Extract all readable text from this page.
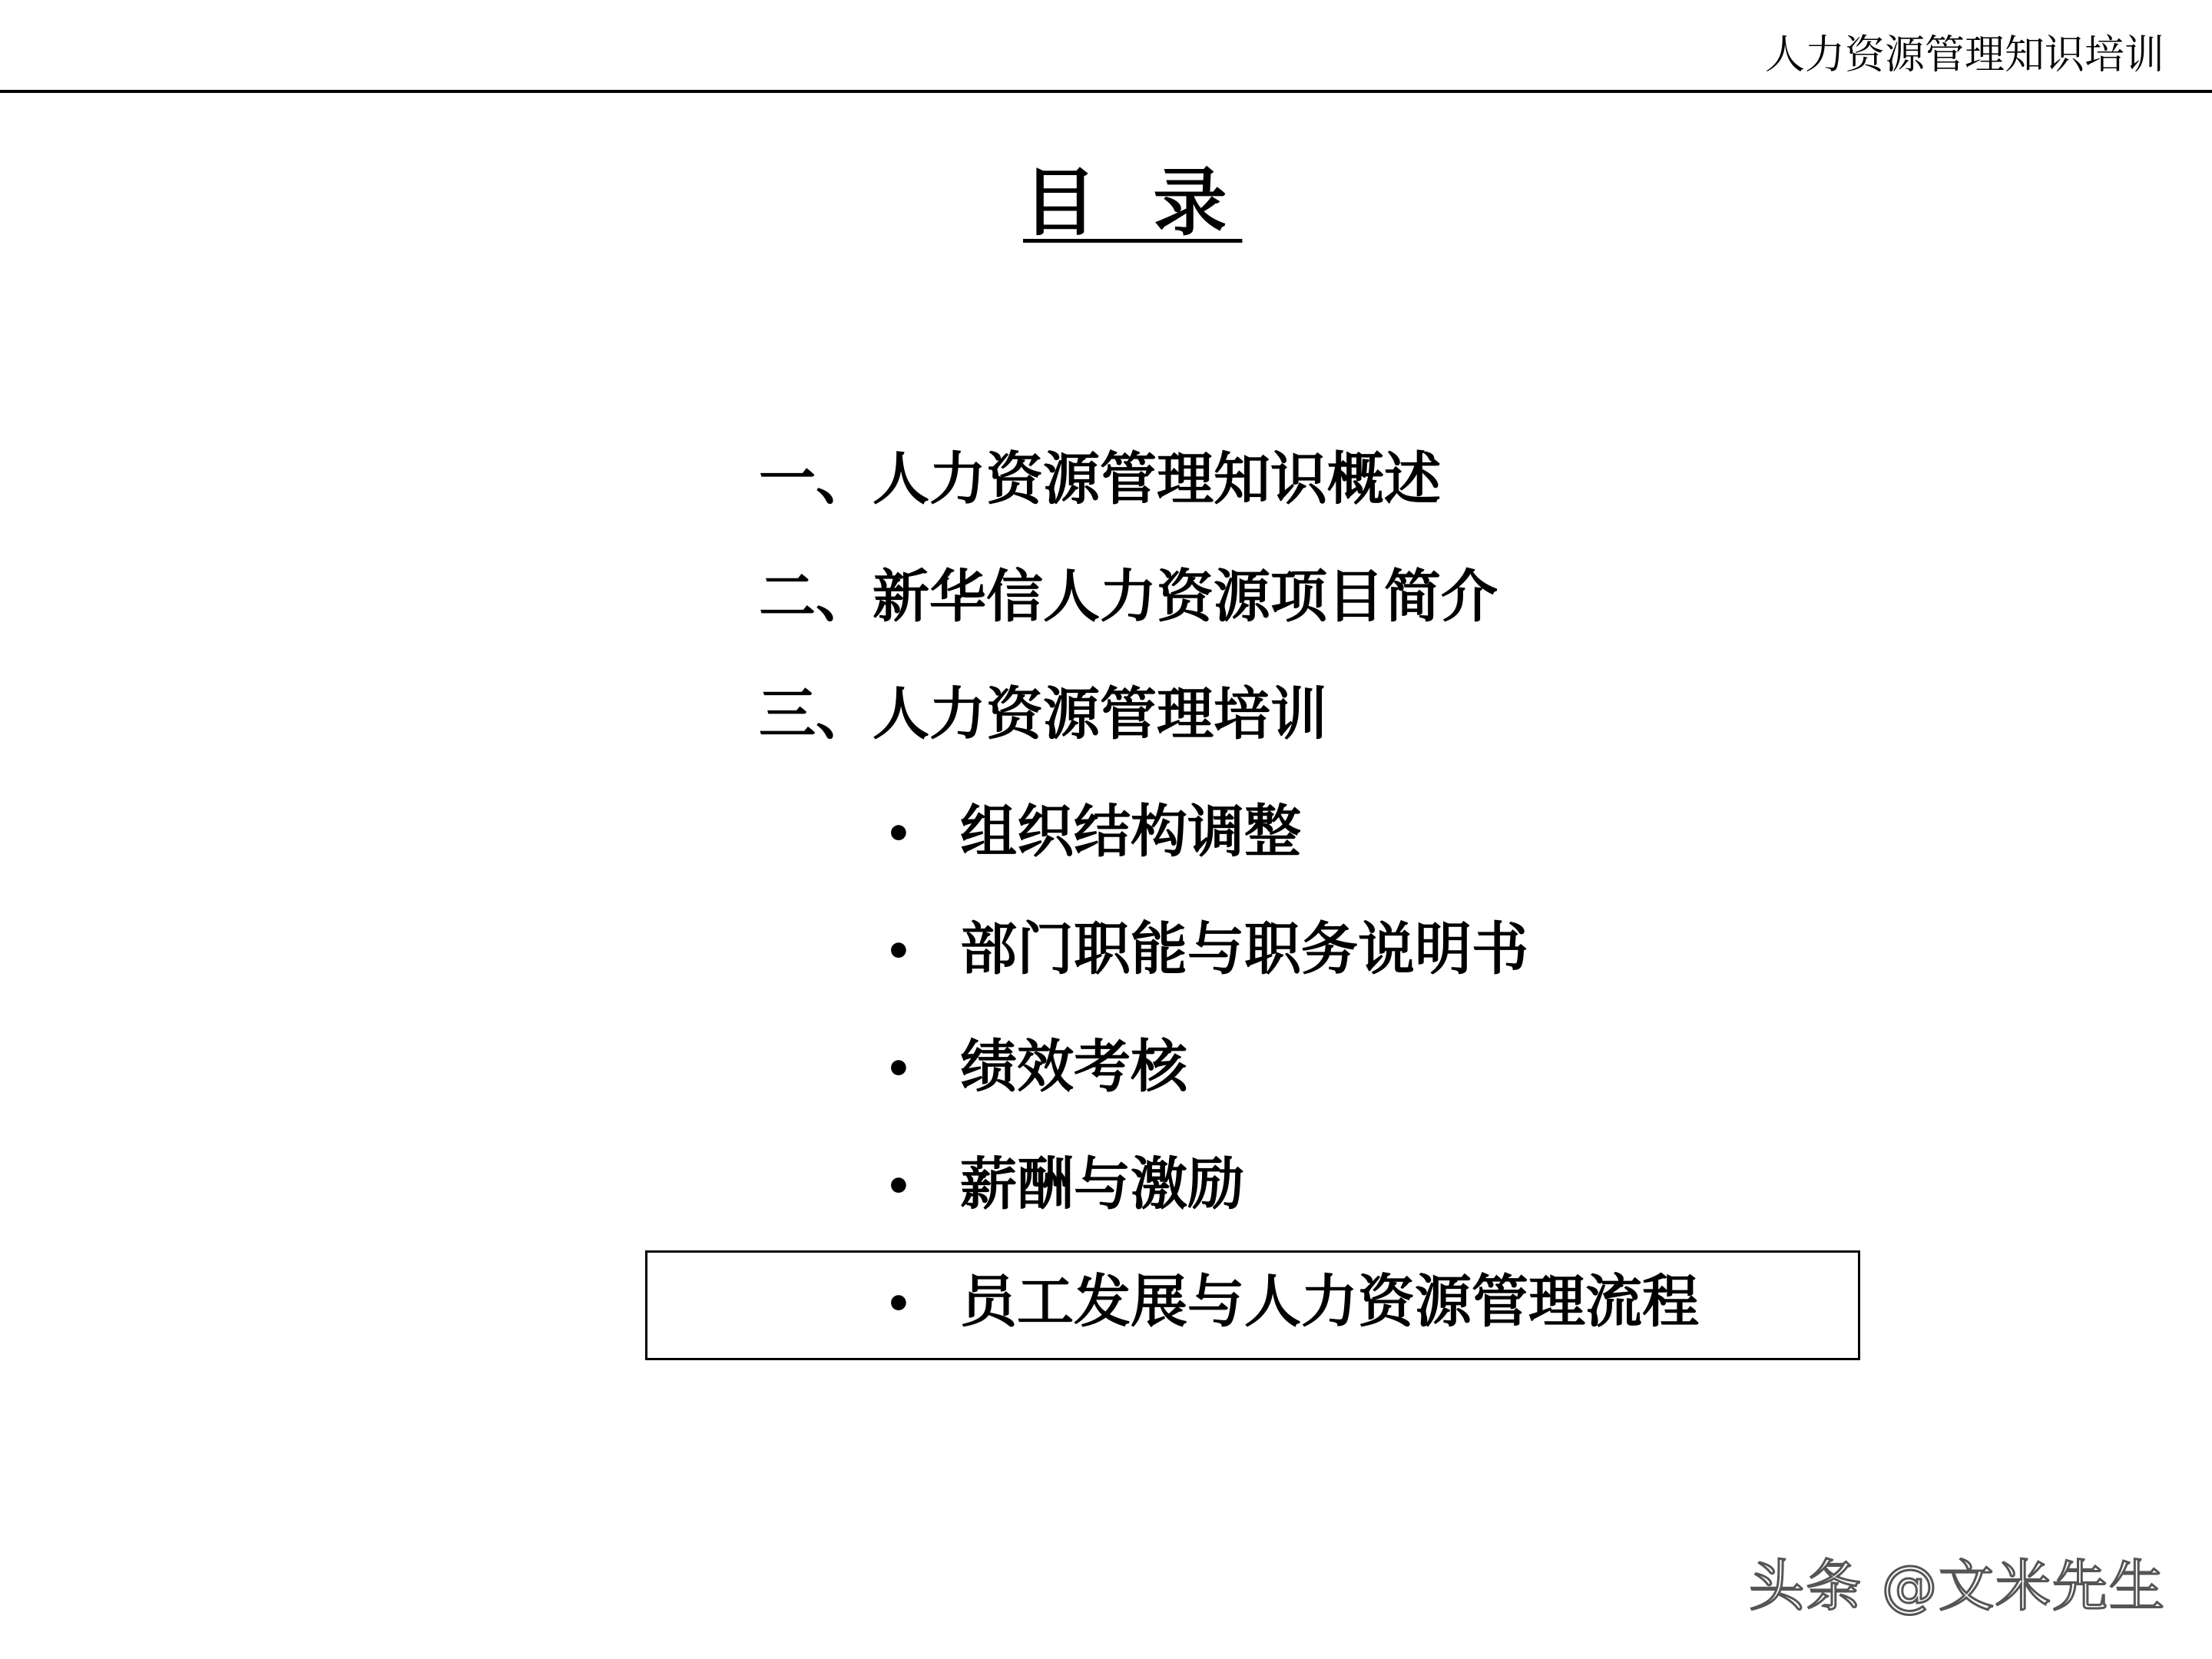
人力资源管理知识培训
目 录
一、人力资源管理知识概述
二、新华信人力资源项目简介
三、人力资源管理培训
• 组织结构调整
• 部门职能与职务说明书
• 绩效考核
• 薪酬与激励
• 员工发展与人力资源管理流程
头条 @文米先生
